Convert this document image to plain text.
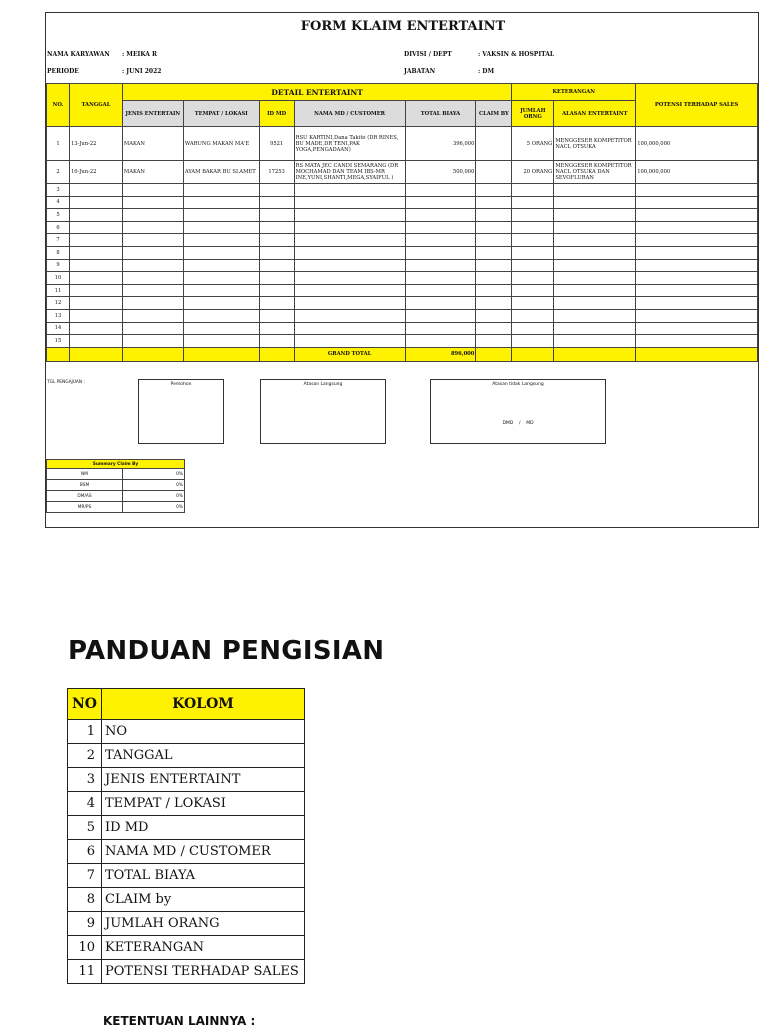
FORM KLAIM ENTERTAINT
NAMA KARYAWAN : MEIKA R
PERIODE	: JUNI 2022
DIVISI / DEPT	: VAKSIN & HOSPITAL
JABATAN	: DM
NO.	TANGGAL	DETAIL ENTERTAINT						KETERANGAN		POTENSI TERHADAP SALES
		JENIS ENTERTAIN	TEMPAT / LOKASI	ID MD	NAMA MD / CUSTOMER	TOTAL BIAYA	CLAIM BY	JUMLAH ORNG	ALASAN ENTERTAINT	
1	13-Jun-22	MAKAN	WARUNG MAKAN MA'E	9521	RSU KARTINI,Dana Takito (DR RINES, BU MADE,DR TENI,PAK YOGA,PENGADAAN)	396,000		5 ORANG	MENGGESER KOMPETITOR NACL OTSUKA	100,000,000
2	10-Jun-22	MAKAN	AYAM BAKAR BU SLAMET	17253	RS MATA JEC CANDI SEMARANG (DR MOCHAMAD DAN TEAM IBS-MR INE,YUNI,SHANTI,MEGA,SYAIFUL )	500,000		20 ORANG	MENGGESER KOMPETITOR NACL OTSUKA DAN SEVOFLURAN	100,000,000
3										
4										
5										
6										
7										
8										
9										
10										
11										
12										
13										
14										
15										
					GRAND TOTAL	896,000				
TGL PENGAJUAN :	Pemohon	Atasan Langsung	Atasan tidak Langsung
DMD    /    MD
Summary Claim By	
NM	0%
BSM	0%
DM/AS	0%
MR/PS	0%
PANDUAN PENGISIAN
NO	KOLOM
1	NO
2	TANGGAL
3	JENIS ENTERTAINT
4	TEMPAT / LOKASI
5	ID MD
6	NAMA MD / CUSTOMER
7	TOTAL BIAYA
8	CLAIM by
9	JUMLAH ORANG
10	KETERANGAN
11	POTENSI TERHADAP SALES
KETENTUAN LAINNYA :
